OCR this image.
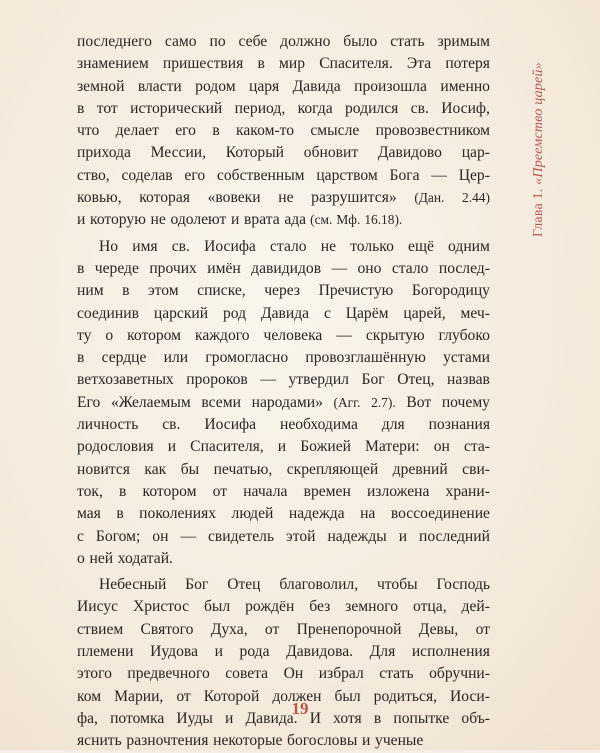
последнего само по себе должно было стать зримым
знамением пришествия в мир Спасителя. Эта потеря
земной власти родом царя Давида произошла именно
в тот исторический период, когда родился св. Иосиф,
что делает его в каком-то смысле провозвестником
прихода Мессии, Который обновит Давидово цар-
ство, соделав его собственным царством Бога — Цер-
ковью, которая «вовеки не разрушится» (Дан. 2.44)
и которую не одолеют и врата ада (см. Мф. 16.18).
Но имя св. Иосифа стало не только ещё одним
в череде прочих имён давидидов — оно стало послед-
ним в этом списке, через Пречистую Богородицу
соединив царский род Давида с Царём царей, меч-
ту о котором каждого человека — скрытую глубоко
в сердце или громогласно провозглашённую устами
ветхозаветных пророков — утвердил Бог Отец, назвав
Его «Желаемым всеми народами» (Агг. 2.7). Вот почему
личность св. Иосифа необходима для познания
родословия и Спасителя, и Божией Матери: он ста-
новится как бы печатью, скрепляющей древний сви-
ток, в котором от начала времен изложена храни-
мая в поколениях людей надежда на воссоединение
с Богом; он — свидетель этой надежды и последний
о ней ходатай.
Небесный Бог Отец благоволил, чтобы Господь
Иисус Христос был рождён без земного отца, дей-
ствием Святого Духа, от Пренепорочной Девы, от
племени Иудова и рода Давидова. Для исполнения
этого предвечного совета Он избрал стать обручни-
ком Марии, от Которой должен был родиться, Иоси-
фа, потомка Иуды и Давида. И хотя в попытке объ-
яснить разночтения некоторые богословы и ученые
Глава 1. «Преемство царей»
19
